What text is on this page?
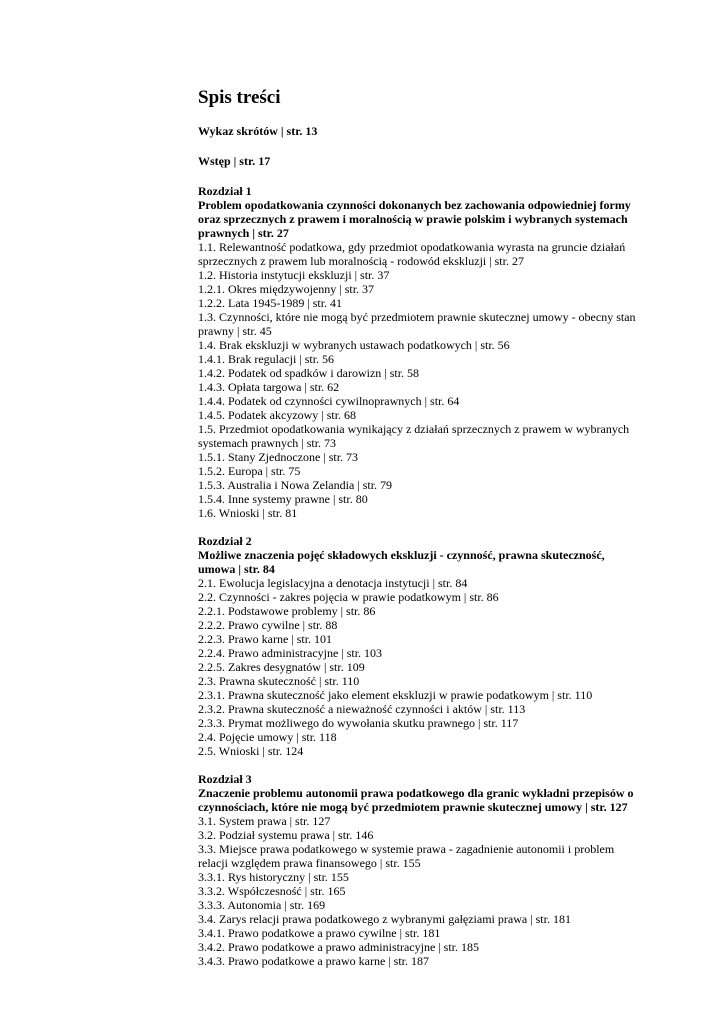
Spis treści
Wykaz skrótów | str. 13
Wstęp | str. 17
Rozdział 1
Problem opodatkowania czynności dokonanych bez zachowania odpowiedniej formy oraz sprzecznych z prawem i moralnością w prawie polskim i wybranych systemach prawnych | str. 27
1.1. Relewantność podatkowa, gdy przedmiot opodatkowania wyrasta na gruncie działań sprzecznych z prawem lub moralnością - rodowód ekskluzji | str. 27
1.2. Historia instytucji ekskluzji | str. 37
1.2.1. Okres międzywojenny | str. 37
1.2.2. Lata 1945-1989 | str. 41
1.3. Czynności, które nie mogą być przedmiotem prawnie skutecznej umowy - obecny stan prawny | str. 45
1.4. Brak ekskluzji w wybranych ustawach podatkowych | str. 56
1.4.1. Brak regulacji | str. 56
1.4.2. Podatek od spadków i darowizn | str. 58
1.4.3. Opłata targowa | str. 62
1.4.4. Podatek od czynności cywilnoprawnych | str. 64
1.4.5. Podatek akcyzowy | str. 68
1.5. Przedmiot opodatkowania wynikający z działań sprzecznych z prawem w wybranych systemach prawnych | str. 73
1.5.1. Stany Zjednoczone | str. 73
1.5.2. Europa | str. 75
1.5.3. Australia i Nowa Zelandia | str. 79
1.5.4. Inne systemy prawne | str. 80
1.6. Wnioski | str. 81
Rozdział 2
Możliwe znaczenia pojęć składowych ekskluzji - czynność, prawna skuteczność, umowa | str. 84
2.1. Ewolucja legislacyjna a denotacja instytucji | str. 84
2.2. Czynności - zakres pojęcia w prawie podatkowym | str. 86
2.2.1. Podstawowe problemy | str. 86
2.2.2. Prawo cywilne | str. 88
2.2.3. Prawo karne | str. 101
2.2.4. Prawo administracyjne | str. 103
2.2.5. Zakres desygnatów | str. 109
2.3. Prawna skuteczność | str. 110
2.3.1. Prawna skuteczność jako element ekskluzji w prawie podatkowym | str. 110
2.3.2. Prawna skuteczność a nieważność czynności i aktów | str. 113
2.3.3. Prymat możliwego do wywołania skutku prawnego | str. 117
2.4. Pojęcie umowy | str. 118
2.5. Wnioski | str. 124
Rozdział 3
Znaczenie problemu autonomii prawa podatkowego dla granic wykładni przepisów o czynnościach, które nie mogą być przedmiotem prawnie skutecznej umowy | str. 127
3.1. System prawa | str. 127
3.2. Podział systemu prawa | str. 146
3.3. Miejsce prawa podatkowego w systemie prawa - zagadnienie autonomii i problem relacji względem prawa finansowego | str. 155
3.3.1. Rys historyczny | str. 155
3.3.2. Współczesność | str. 165
3.3.3. Autonomia | str. 169
3.4. Zarys relacji prawa podatkowego z wybranymi gałęziami prawa | str. 181
3.4.1. Prawo podatkowe a prawo cywilne | str. 181
3.4.2. Prawo podatkowe a prawo administracyjne | str. 185
3.4.3. Prawo podatkowe a prawo karne | str. 187
